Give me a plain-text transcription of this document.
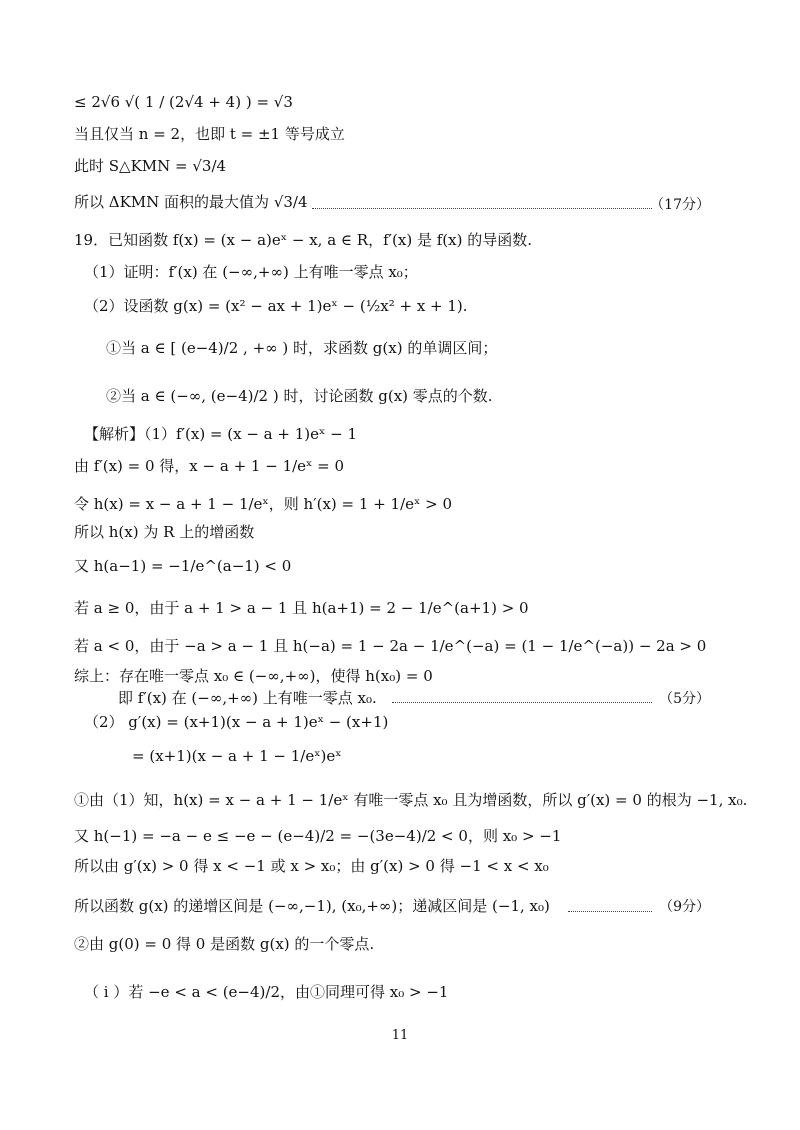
≤ 2√6 √( 1 / (2√4 + 4) ) = √3
当且仅当 n = 2，也即 t = ±1 等号成立
此时 S△KMN = √3/4
所以 ΔKMN 面积的最大值为 √3/4	（17分）
19．已知函数 f(x) = (x − a)eˣ − x, a ∈ R，f′(x) 是 f(x) 的导函数.
（1）证明：f′(x) 在 (−∞,+∞) 上有唯一零点 x₀；
（2）设函数 g(x) = (x² − ax + 1)eˣ − (½x² + x + 1).
①当 a ∈ [ (e−4)/2 , +∞ ) 时，求函数 g(x) 的单调区间；
②当 a ∈ (−∞, (e−4)/2 ) 时，讨论函数 g(x) 零点的个数.
【解析】（1）f′(x) = (x − a + 1)eˣ − 1
由 f′(x) = 0 得，x − a + 1 − 1/eˣ = 0
令 h(x) = x − a + 1 − 1/eˣ，则 h′(x) = 1 + 1/eˣ > 0
所以 h(x) 为 R 上的增函数
又 h(a−1) = −1/e^(a−1) < 0
若 a ≥ 0，由于 a + 1 > a − 1 且 h(a+1) = 2 − 1/e^(a+1) > 0
若 a < 0，由于 −a > a − 1 且 h(−a) = 1 − 2a − 1/e^(−a) = (1 − 1/e^(−a)) − 2a > 0
综上：存在唯一零点 x₀ ∈ (−∞,+∞)，使得 h(x₀) = 0
即 f′(x) 在 (−∞,+∞) 上有唯一零点 x₀.	（5分）
（2） g′(x) = (x+1)(x − a + 1)eˣ − (x+1)
= (x+1)(x − a + 1 − 1/eˣ)eˣ
①由（1）知，h(x) = x − a + 1 − 1/eˣ 有唯一零点 x₀ 且为增函数，所以 g′(x) = 0 的根为 −1, x₀.
又 h(−1) = −a − e ≤ −e − (e−4)/2 = −(3e−4)/2 < 0，则 x₀ > −1
所以由 g′(x) > 0 得 x < −1 或 x > x₀；由 g′(x) > 0 得 −1 < x < x₀
所以函数 g(x) 的递增区间是 (−∞,−1), (x₀,+∞)；递减区间是 (−1, x₀)	（9分）
②由 g(0) = 0 得 0 是函数 g(x) 的一个零点.
（ i ）若 −e < a < (e−4)/2，由①同理可得 x₀ > −1
11
